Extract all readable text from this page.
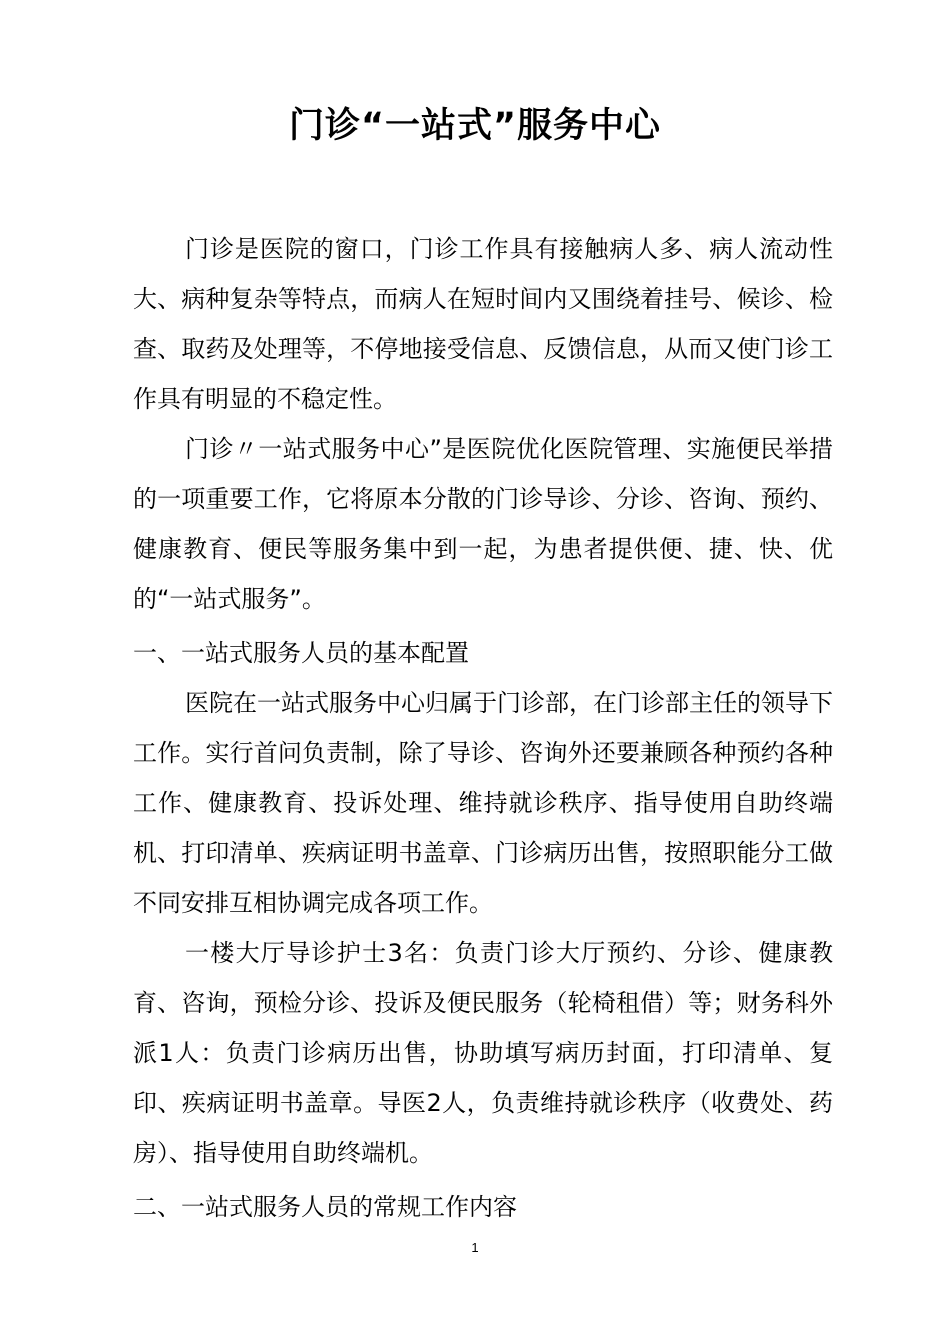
门诊“一站式”服务中心

门诊是医院的窗口，门诊工作具有接触病人多、病人流动性大、病种复杂等特点，而病人在短时间内又围绕着挂号、候诊、检查、取药及处理等，不停地接受信息、反馈信息，从而又使门诊工作具有明显的不稳定性。

门诊〃一站式服务中心”是医院优化医院管理、实施便民举措的一项重要工作，它将原本分散的门诊导诊、分诊、咨询、预约、健康教育、便民等服务集中到一起，为患者提供便、捷、快、优的“一站式服务”。

一、一站式服务人员的基本配置

医院在一站式服务中心归属于门诊部，在门诊部主任的领导下工作。实行首问负责制，除了导诊、咨询外还要兼顾各种预约各种工作、健康教育、投诉处理、维持就诊秩序、指导使用自助终端机、打印清单、疾病证明书盖章、门诊病历出售，按照职能分工做不同安排互相协调完成各项工作。

一楼大厅导诊护士3名：负责门诊大厅预约、分诊、健康教育、咨询，预检分诊、投诉及便民服务（轮椅租借）等；财务科外派1人：负责门诊病历出售，协助填写病历封面，打印清单、复印、疾病证明书盖章。导医2人，负责维持就诊秩序（收费处、药房）、指导使用自助终端机。

二、一站式服务人员的常规工作内容
1
